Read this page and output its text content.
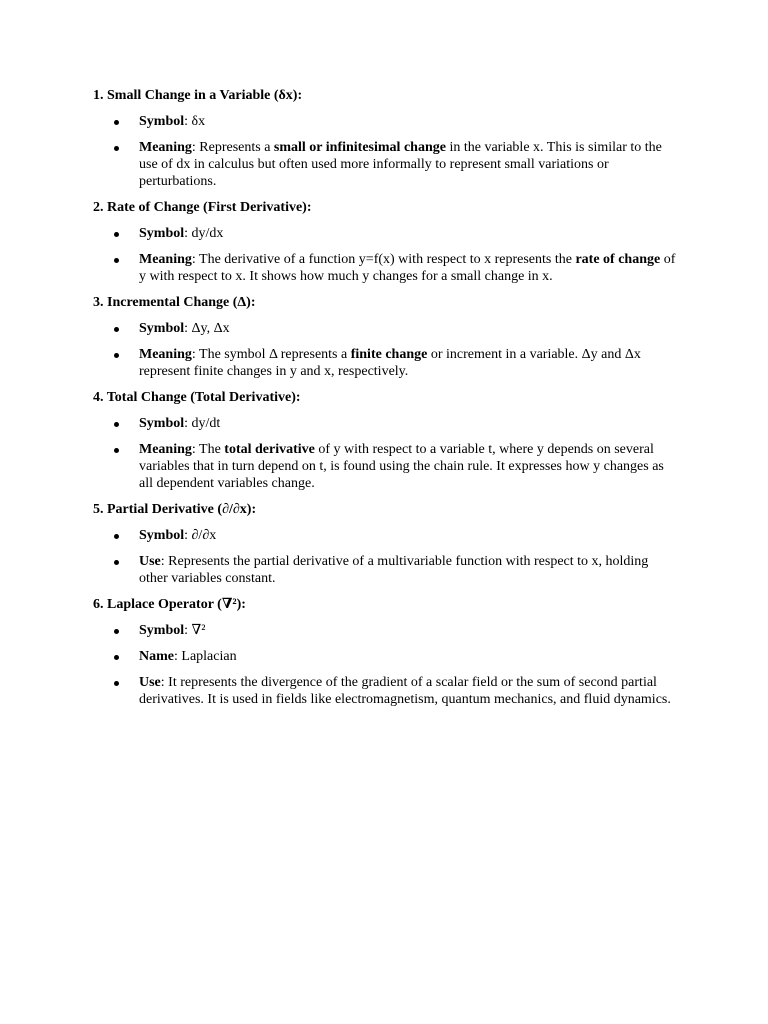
1. Small Change in a Variable (δx):
Symbol: δx
Meaning: Represents a small or infinitesimal change in the variable x. This is similar to the use of dx in calculus but often used more informally to represent small variations or perturbations.
2. Rate of Change (First Derivative):
Symbol: dy/dx
Meaning: The derivative of a function y=f(x) with respect to x represents the rate of change of y with respect to x. It shows how much y changes for a small change in x.
3. Incremental Change (Δ):
Symbol: Δy, Δx
Meaning: The symbol Δ represents a finite change or increment in a variable. Δy and Δx represent finite changes in y and x, respectively.
4. Total Change (Total Derivative):
Symbol: dy/dt
Meaning: The total derivative of y with respect to a variable t, where y depends on several variables that in turn depend on t, is found using the chain rule. It expresses how y changes as all dependent variables change.
5. Partial Derivative (∂/∂x):
Symbol: ∂/∂x
Use: Represents the partial derivative of a multivariable function with respect to x, holding other variables constant.
6. Laplace Operator (∇²):
Symbol: ∇²
Name: Laplacian
Use: It represents the divergence of the gradient of a scalar field or the sum of second partial derivatives. It is used in fields like electromagnetism, quantum mechanics, and fluid dynamics.
